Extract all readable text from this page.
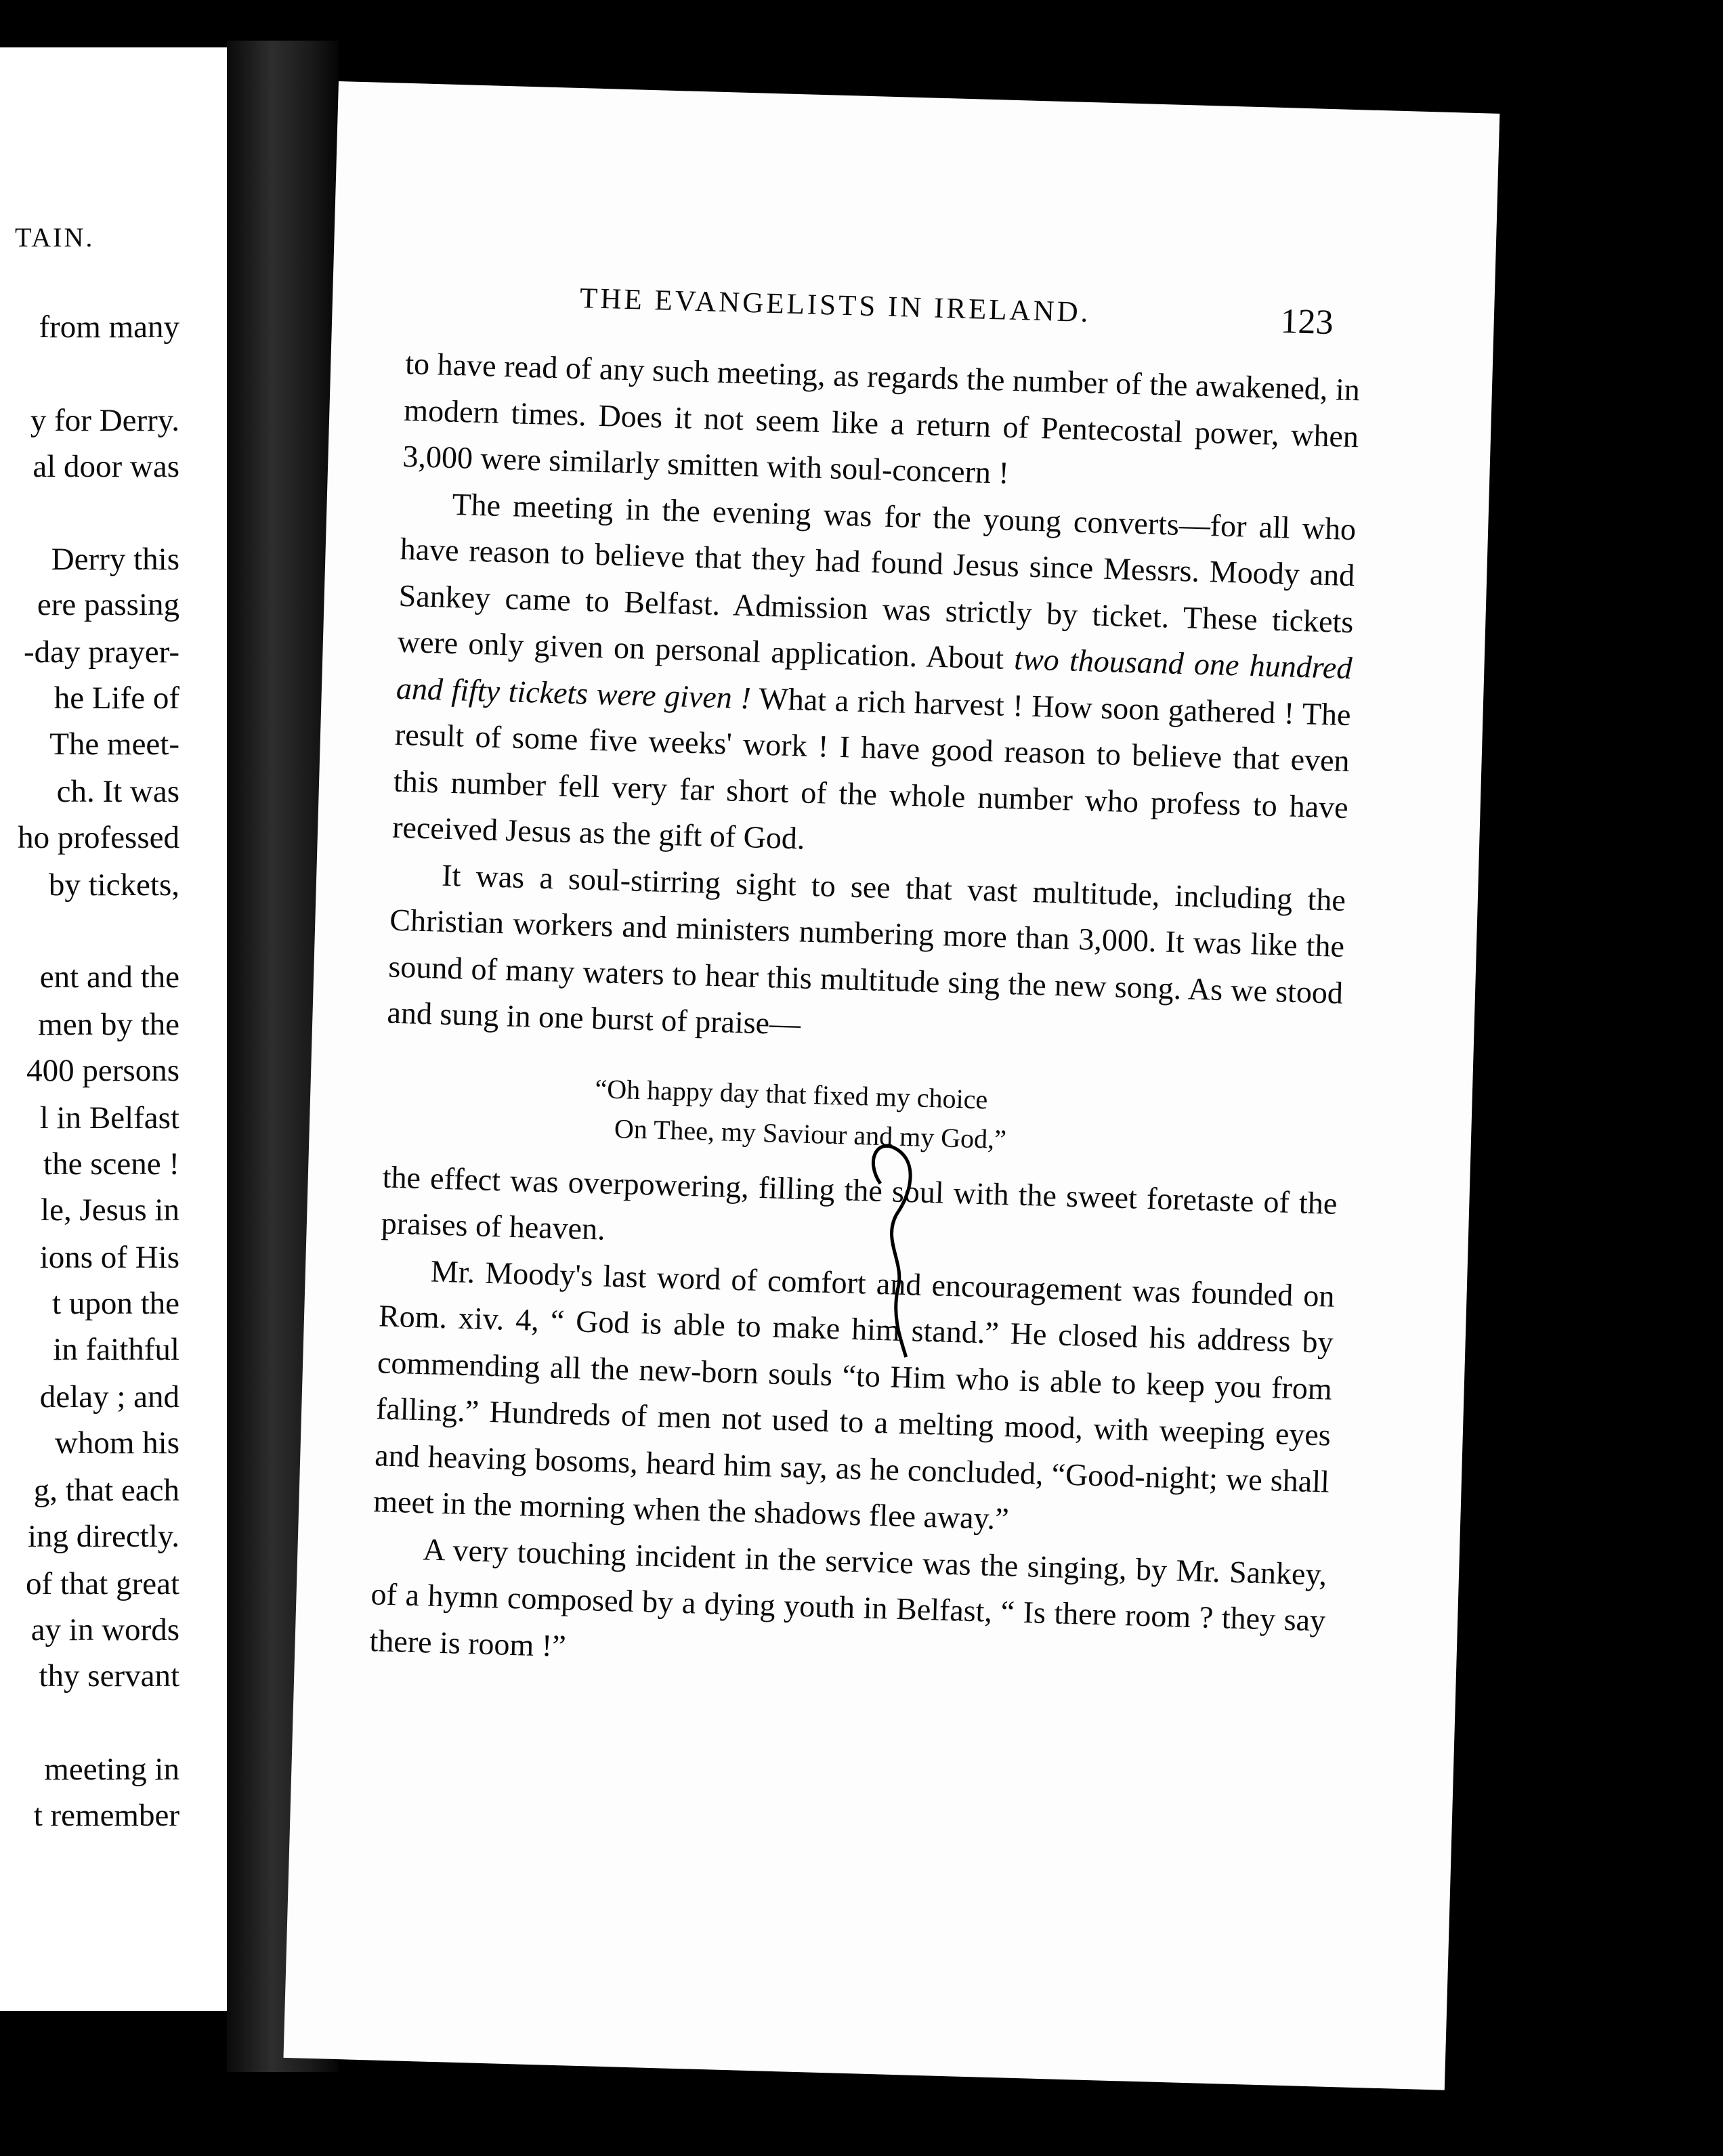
TAIN.
from many
y for Derry.
al door was
Derry this
ere passing
-day prayer-
he Life of
The meet-
ch. It was
ho professed
by tickets,
ent and the
men by the
400 persons
l in Belfast
the scene !
le, Jesus in
ions of His
t upon the
in faithful
delay ; and
whom his
g, that each
ing directly.
of that great
ay in words
thy servant
meeting in
t remember
THE EVANGELISTS IN IRELAND.	123

to have read of any such meeting, as regards the number of the awakened, in modern times. Does it not seem like a return of Pentecostal power, when 3,000 were similarly smitten with soul-concern !

The meeting in the evening was for the young converts—for all who have reason to believe that they had found Jesus since Messrs. Moody and Sankey came to Belfast. Admission was strictly by ticket. These tickets were only given on personal application. About two thousand one hundred and fifty tickets were given ! What a rich harvest ! How soon gathered ! The result of some five weeks' work ! I have good reason to believe that even this number fell very far short of the whole number who profess to have received Jesus as the gift of God.

It was a soul-stirring sight to see that vast multitude, including the Christian workers and ministers numbering more than 3,000. It was like the sound of many waters to hear this multitude sing the new song. As we stood and sung in one burst of praise—

“Oh happy day that fixed my choice
On Thee, my Saviour and my God,”

the effect was overpowering, filling the soul with the sweet foretaste of the praises of heaven.

Mr. Moody's last word of comfort and encouragement was founded on Rom. xiv. 4, “ God is able to make him stand.” He closed his address by commending all the new-born souls “to Him who is able to keep you from falling.” Hundreds of men not used to a melting mood, with weeping eyes and heaving bosoms, heard him say, as he concluded, “Good-night; we shall meet in the morning when the shadows flee away.”

A very touching incident in the service was the singing, by Mr. Sankey, of a hymn composed by a dying youth in Belfast, “ Is there room ? they say there is room !”
